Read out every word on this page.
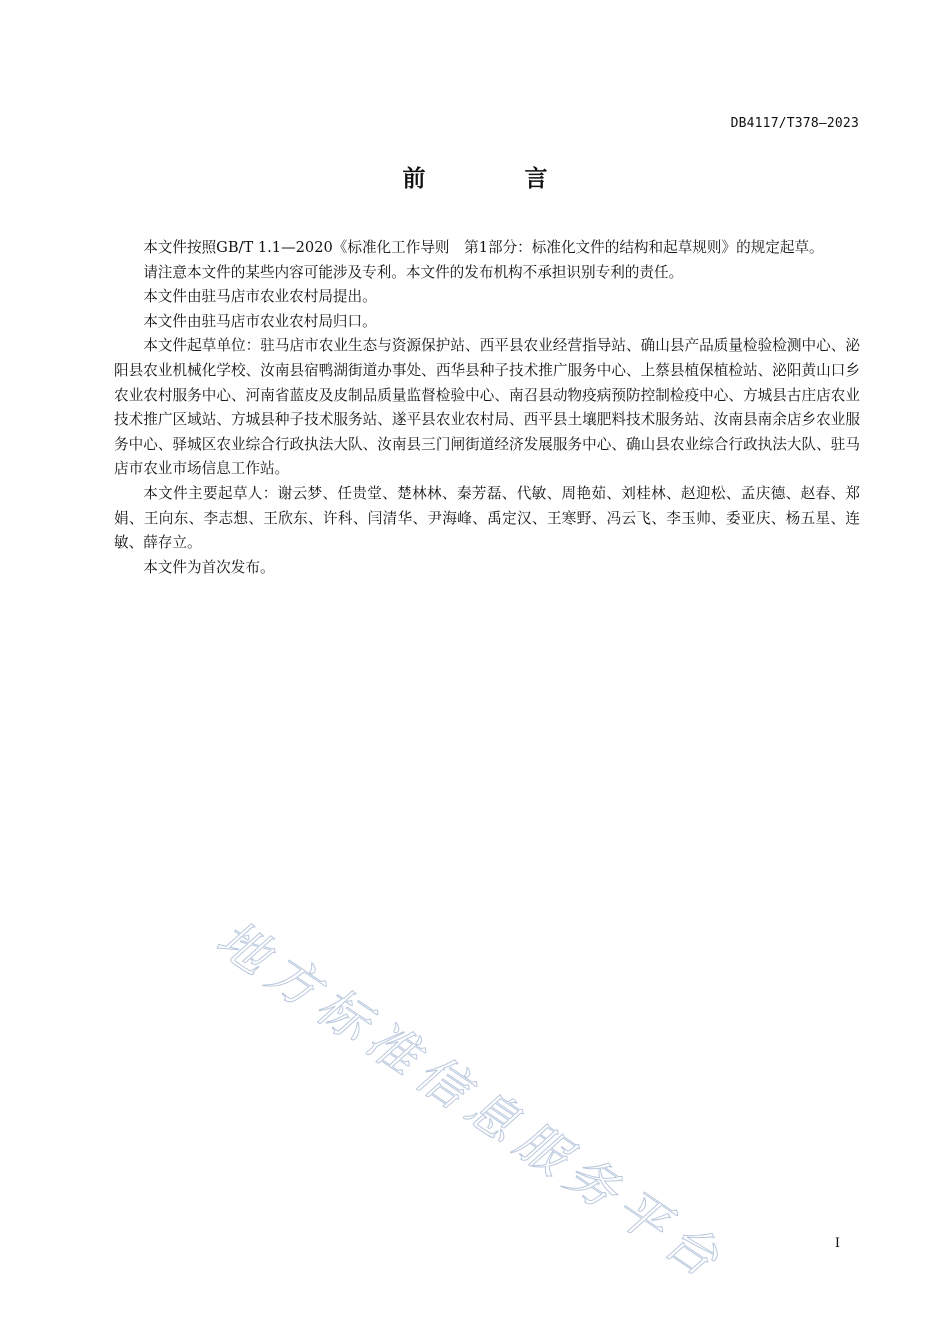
DB4117/T378—2023
前　言

本文件按照GB/T 1.1—2020《标准化工作导则　第1部分：标准化文件的结构和起草规则》的规定起草。

请注意本文件的某些内容可能涉及专利。本文件的发布机构不承担识别专利的责任。

本文件由驻马店市农业农村局提出。

本文件由驻马店市农业农村局归口。

本文件起草单位：驻马店市农业生态与资源保护站、西平县农业经营指导站、确山县产品质量检验检测中心、泌阳县农业机械化学校、汝南县宿鸭湖街道办事处、西华县种子技术推广服务中心、上蔡县植保植检站、泌阳黄山口乡农业农村服务中心、河南省蓝皮及皮制品质量监督检验中心、南召县动物疫病预防控制检疫中心、方城县古庄店农业技术推广区域站、方城县种子技术服务站、遂平县农业农村局、西平县土壤肥料技术服务站、汝南县南余店乡农业服务中心、驿城区农业综合行政执法大队、汝南县三门闸街道经济发展服务中心、确山县农业综合行政执法大队、驻马店市农业市场信息工作站。

本文件主要起草人：谢云梦、任贵堂、楚林林、秦芳磊、代敏、周艳茹、刘桂林、赵迎松、孟庆德、赵春、郑娟、王向东、李志想、王欣东、许科、闫清华、尹海峰、禹定汉、王寒野、冯云飞、李玉帅、委亚庆、杨五星、连敏、薛存立。

本文件为首次发布。

地方标准信息服务平台	I
